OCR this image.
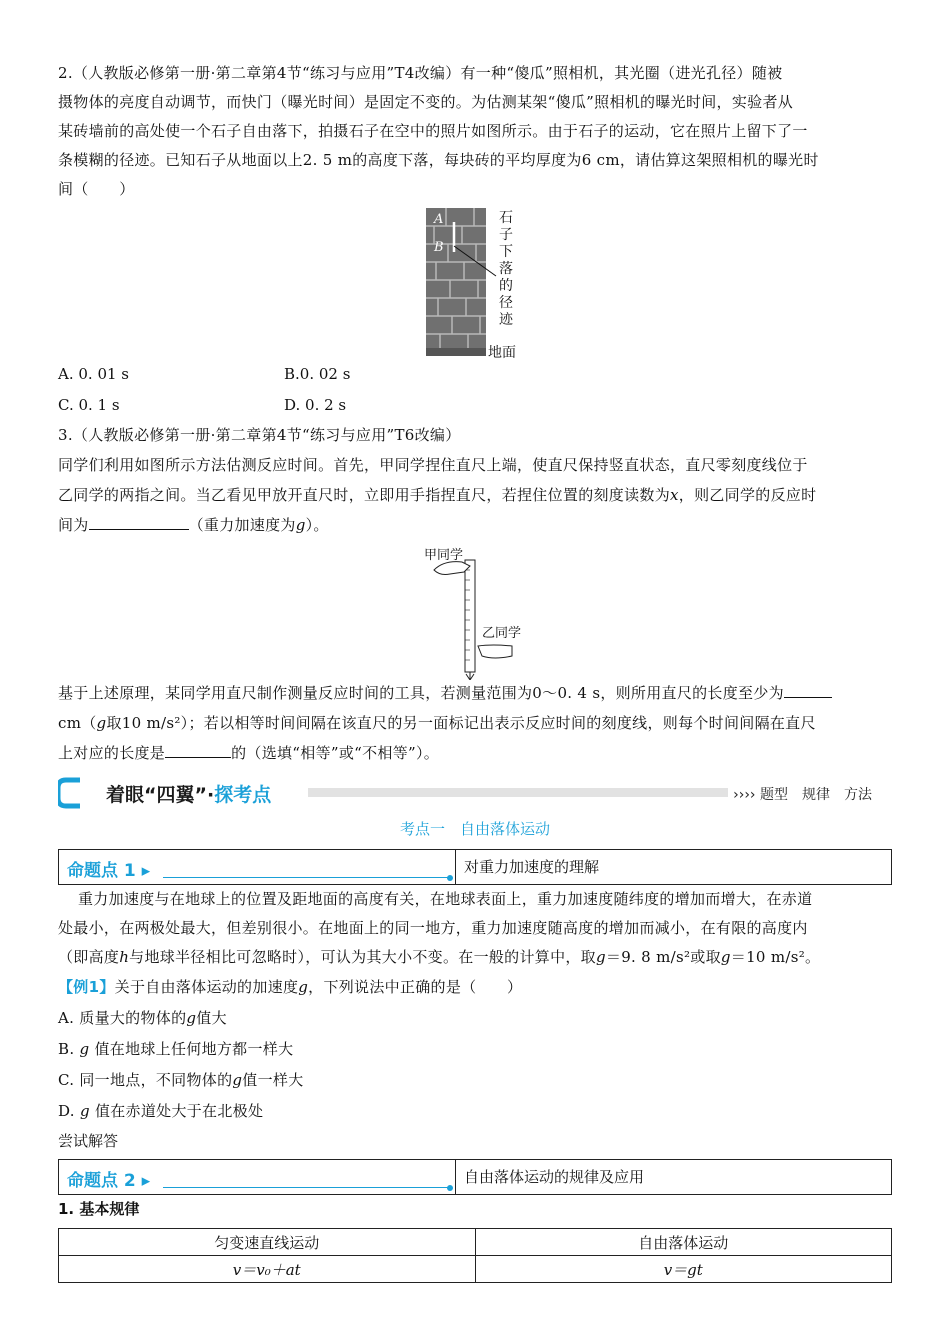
2.（人教版必修第一册·第二章第4节“练习与应用”T4改编）有一种“傻瓜”照相机，其光圈（进光孔径）随被
摄物体的亮度自动调节，而快门（曝光时间）是固定不变的。为估测某架“傻瓜”照相机的曝光时间，实验者从
某砖墙前的高处使一个石子自由落下，拍摄石子在空中的照片如图所示。由于石子的运动，它在照片上留下了一
条模糊的径迹。已知石子从地面以上2. 5 m的高度下落，每块砖的平均厚度为6 cm，请估算这架照相机的曝光时
间（　　）
A
B
石子下落的径迹
地面
A. 0. 01 s	B.0. 02 s
C. 0. 1 s	D. 0. 2 s
3.（人教版必修第一册·第二章第4节“练习与应用”T6改编）
同学们利用如图所示方法估测反应时间。首先，甲同学捏住直尺上端，使直尺保持竖直状态，直尺零刻度线位于
乙同学的两指之间。当乙看见甲放开直尺时，立即用手指捏直尺，若捏住位置的刻度读数为x，则乙同学的反应时
间为	（重力加速度为g）。
甲同学
乙同学
基于上述原理，某同学用直尺制作测量反应时间的工具，若测量范围为0～0. 4 s，则所用直尺的长度至少为
cm（g取10 m/s²）；若以相等时间间隔在该直尺的另一面标记出表示反应时间的刻度线，则每个时间间隔在直尺
上对应的长度是	的（选填“相等”或“不相等”）。
着眼“四翼”·探考点	›››› 题型　规律　方法
考点一　自由落体运动
命题点 1 ▸	对重力加速度的理解
重力加速度与在地球上的位置及距地面的高度有关，在地球表面上，重力加速度随纬度的增加而增大，在赤道
处最小，在两极处最大，但差别很小。在地面上的同一地方，重力加速度随高度的增加而减小，在有限的高度内
（即高度h与地球半径相比可忽略时），可认为其大小不变。在一般的计算中，取g＝9. 8 m/s²或取g＝10 m/s²。
【例1】关于自由落体运动的加速度g，下列说法中正确的是（　　）
A. 质量大的物体的g值大
B. g 值在地球上任何地方都一样大
C. 同一地点，不同物体的g值一样大
D. g 值在赤道处大于在北极处
尝试解答
命题点 2 ▸	自由落体运动的规律及应用
1. 基本规律
匀变速直线运动	自由落体运动
v＝v₀＋at	v＝gt
